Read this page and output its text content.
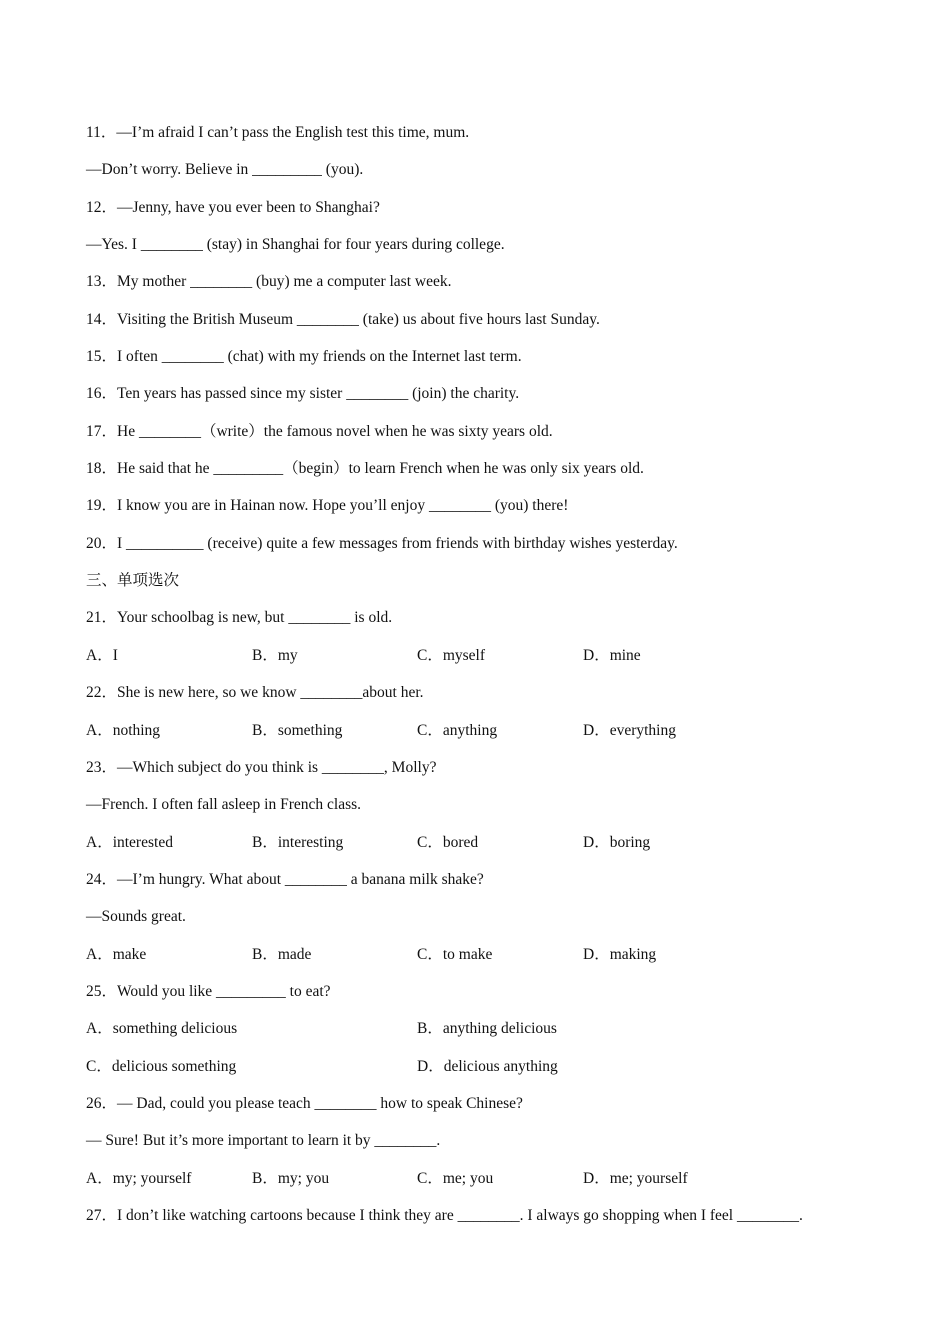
11．—I’m afraid I can’t pass the English test this time, mum.
—Don’t worry. Believe in _________ (you).
12．—Jenny, have you ever been to Shanghai?
—Yes. I ________ (stay) in Shanghai for four years during college.
13．My mother ________ (buy) me a computer last week.
14．Visiting the British Museum ________ (take) us about five hours last Sunday.
15．I often ________ (chat) with my friends on the Internet last term.
16．Ten years has passed since my sister ________ (join) the charity.
17．He ________（write）the famous novel when he was sixty years old.
18．He said that he _________（begin）to learn French when he was only six years old.
19．I know you are in Hainan now. Hope you’ll enjoy ________ (you) there!
20．I __________ (receive) quite a few messages from friends with birthday wishes yesterday.
三、单项选次
21．Your schoolbag is new, but ________ is old.
A．I	B．my	C．myself	D．mine
22．She is new here, so we know ________about her.
A．nothing	B．something	C．anything	D．everything
23．—Which subject do you think is ________, Molly?
—French. I often fall asleep in French class.
A．interested	B．interesting	C．bored	D．boring
24．—I’m hungry. What about ________ a banana milk shake?
—Sounds great.
A．make	B．made	C．to make	D．making
25．Would you like _________ to eat?
A．something delicious	B．anything delicious
C．delicious something	D．delicious anything
26．— Dad, could you please teach ________ how to speak Chinese?
— Sure! But it’s more important to learn it by ________.
A．my; yourself	B．my; you	C．me; you	D．me; yourself
27．I don’t like watching cartoons because I think they are ________. I always go shopping when I feel ________.
